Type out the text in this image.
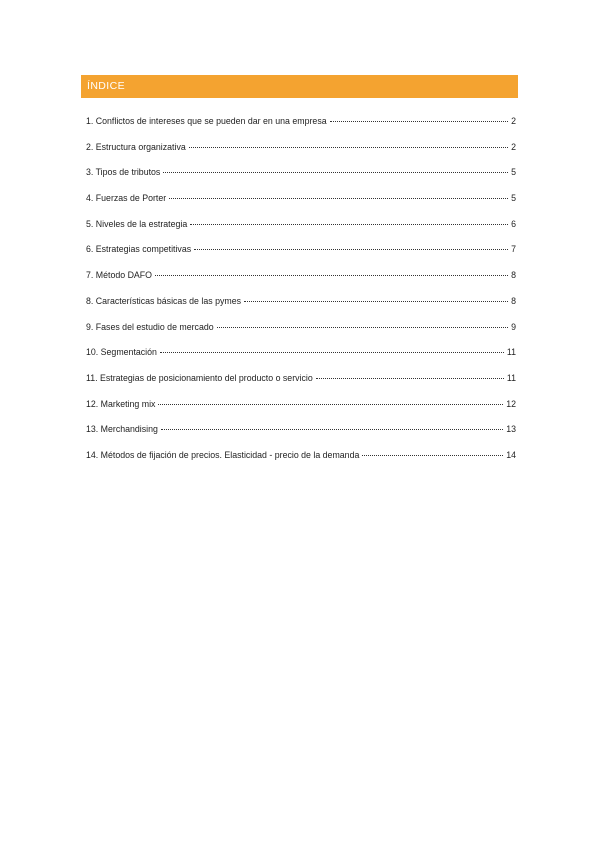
ÍNDICE
1. Conflictos de intereses que se pueden dar en una empresa	2
2. Estructura organizativa	2
3. Tipos de tributos	5
4. Fuerzas de Porter	5
5. Niveles de la estrategia	6
6. Estrategias competitivas	7
7. Método DAFO	8
8. Características básicas de las pymes	8
9. Fases del estudio de mercado	9
10. Segmentación	11
11. Estrategias de posicionamiento del producto o servicio	11
12. Marketing mix	12
13. Merchandising	13
14. Métodos de fijación de precios. Elasticidad - precio de la demanda	14
